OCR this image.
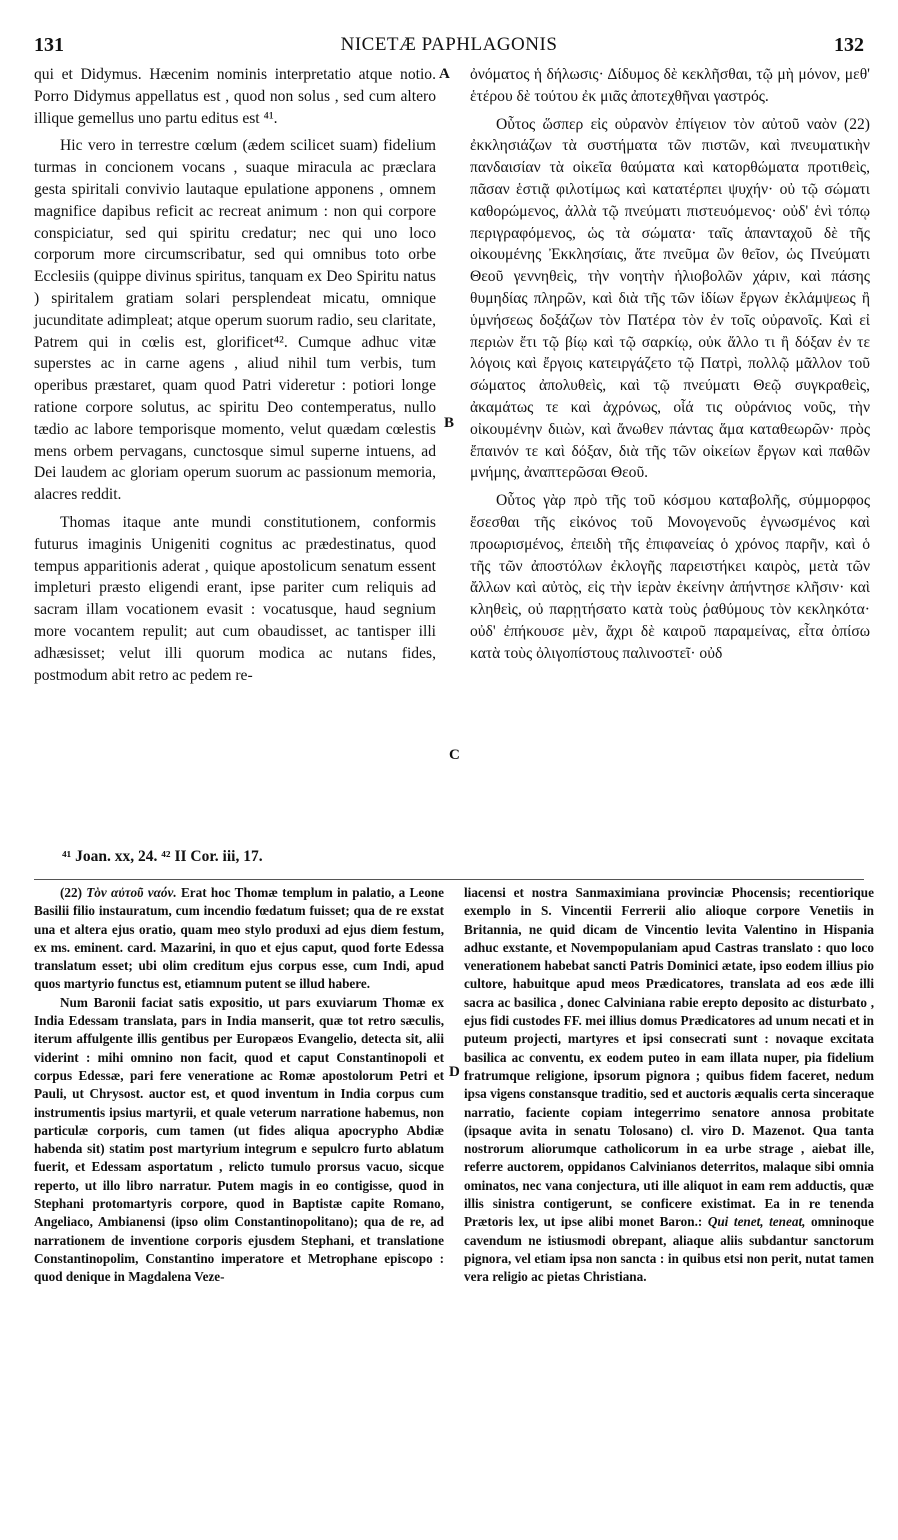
131	NICETÆ PAPHLAGONIS	132

qui et Didymus. Hæcenim nominis interpretatio atque notio. Porro Didymus appellatus est , quod non solus , sed cum altero illique gemellus uno partu editus est ⁴¹.

Hic vero in terrestre cœlum (ædem scilicet suam) fidelium turmas in concionem vocans , suaque miracula ac præclara gesta spiritali convivio lautaque epulatione apponens , omnem magnifice dapibus reficit ac recreat animum : non qui corpore conspiciatur, sed qui spiritu credatur; nec qui uno loco corporum more circumscribatur, sed qui omnibus toto orbe Ecclesiis (quippe divinus spiritus, tanquam ex Deo Spiritu natus ) spiritalem gratiam solari persplendeat micatu, omnique jucunditate adimpleat; atque operum suorum radio, seu claritate, Patrem qui in cœlis est, glorificet⁴². Cumque adhuc vitæ superstes ac in carne agens , aliud nihil tum verbis, tum operibus præstaret, quam quod Patri videretur : potiori longe ratione corpore solutus, ac spiritu Deo contemperatus, nullo tædio ac labore temporisque momento, velut quædam cœlestis mens orbem pervagans, cunctosque simul superne intuens, ad Dei laudem ac gloriam operum suorum ac passionum memoria, alacres reddit.

Thomas itaque ante mundi constitutionem, conformis futurus imaginis Unigeniti cognitus ac prædestinatus, quod tempus apparitionis aderat , quique apostolicum senatum essent impleturi præsto eligendi erant, ipse pariter cum reliquis ad sacram illam vocationem evasit : vocatusque, haud segnium more vocantem repulit; aut cum obaudisset, ac tantisper illi adhæsisset; velut illi quorum modica ac nutans fides, postmodum abit retro ac pedem re-

A
B
C
D

ὀνόματος ἡ δήλωσις· Δίδυμος δὲ κεκλῆσθαι, τῷ μὴ μόνον, μεθ' ἑτέρου δὲ τούτου ἐκ μιᾶς ἀποτεχθῆναι γαστρός.

Οὗτος ὥσπερ εἰς οὐρανὸν ἐπίγειον τὸν αὐτοῦ ναὸν (22) ἐκκλησιάζων τὰ συστήματα τῶν πιστῶν, καὶ πνευματικὴν πανδαισίαν τὰ οἰκεῖα θαύματα καὶ κατορθώματα προτιθεὶς, πᾶσαν ἑστιᾷ φιλοτίμως καὶ κατατέρπει ψυχήν· οὐ τῷ σώματι καθορώμενος, ἀλλὰ τῷ πνεύματι πιστευόμενος· οὐδ' ἑνὶ τόπῳ περιγραφόμενος, ὡς τὰ σώματα· ταῖς ἁπανταχοῦ δὲ τῆς οἰκουμένης Ἐκκλησίαις, ἅτε πνεῦμα ὢν θεῖον, ὡς Πνεύματι Θεοῦ γεννηθεὶς, τὴν νοητὴν ἡλιοβολῶν χάριν, καὶ πάσης θυμηδίας πληρῶν, καὶ διὰ τῆς τῶν ἰδίων ἔργων ἐκλάμψεως ἢ ὑμνήσεως δοξάζων τὸν Πατέρα τὸν ἐν τοῖς οὐρανοῖς. Καὶ εἰ περιὼν ἔτι τῷ βίῳ καὶ τῷ σαρκίῳ, οὐκ ἄλλο τι ἢ δόξαν ἐν τε λόγοις καὶ ἔργοις κατειργάζετο τῷ Πατρὶ, πολλῷ μᾶλλον τοῦ σώματος ἀπολυθεὶς, καὶ τῷ πνεύματι Θεῷ συγκραθεὶς, ἀκαμάτως τε καὶ ἀχρόνως, οἷά τις οὐράνιος νοῦς, τὴν οἰκουμένην διιὼν, καὶ ἄνωθεν πάντας ἅμα καταθεωρῶν· πρὸς ἔπαινόν τε καὶ δόξαν, διὰ τῆς τῶν οἰκείων ἔργων καὶ παθῶν μνήμης, ἀναπτερῶσαι Θεοῦ.

Οὗτος γὰρ πρὸ τῆς τοῦ κόσμου καταβολῆς, σύμμορφος ἔσεσθαι τῆς εἰκόνος τοῦ Μονογενοῦς ἐγνωσμένος καὶ προωρισμένος, ἐπειδὴ τῆς ἐπιφανείας ὁ χρόνος παρῆν, καὶ ὁ τῆς τῶν ἀποστόλων ἐκλογῆς παρειστήκει καιρὸς, μετὰ τῶν ἄλλων καὶ αὐτὸς, εἰς τὴν ἱερὰν ἐκείνην ἀπήντησε κλῆσιν· καὶ κληθεὶς, οὐ παρῃτήσατο κατὰ τοὺς ῥαθύμους τὸν κεκληκότα· οὐδ' ἐπήκουσε μὲν, ἄχρι δὲ καιροῦ παραμείνας, εἶτα ὀπίσω κατὰ τοὺς ὀλιγοπίστους παλινοστεῖ· οὐδ

⁴¹ Joan. xx, 24. ⁴² II Cor. iii, 17.

(22) Τὸν αὐτοῦ ναόν. Erat hoc Thomæ templum in palatio, a Leone Basilii filio instauratum, cum incendio fœdatum fuisset; qua de re exstat una et altera ejus oratio, quam meo stylo produxi ad ejus diem festum, ex ms. eminent. card. Mazarini, in quo et ejus caput, quod forte Edessa translatum esset; ubi olim creditum ejus corpus esse, cum Indi, apud quos martyrio functus est, etiamnum putent se illud habere.

Num Baronii faciat satis expositio, ut pars exuviarum Thomæ ex India Edessam translata, pars in India manserit, quæ tot retro sæculis, iterum affulgente illis gentibus per Europæos Evangelio, detecta sit, alii viderint : mihi omnino non facit, quod et caput Constantinopoli et corpus Edessæ, pari fere veneratione ac Romæ apostolorum Petri et Pauli, ut Chrysost. auctor est, et quod inventum in India corpus cum instrumentis ipsius martyrii, et quale veterum narratione habemus, non particulæ corporis, cum tamen (ut fides aliqua apocrypho Abdiæ habenda sit) statim post martyrium integrum e sepulcro furto ablatum fuerit, et Edessam asportatum , relicto tumulo prorsus vacuo, sicque reperto, ut illo libro narratur. Putem magis in eo contigisse, quod in Stephani protomartyris corpore, quod in Baptistæ capite Romano, Angeliaco, Ambianensi (ipso olim Constantinopolitano); qua de re, ad narrationem de inventione corporis ejusdem Stephani, et translatione Constantinopolim, Constantino imperatore et Metrophane episcopo : quod denique in Magdalena Veze-

liacensi et nostra Sanmaximiana provinciæ Phocensis; recentiorique exemplo in S. Vincentii Ferrerii alio alioque corpore Venetiis in Britannia, ne quid dicam de Vincentio levita Valentino in Hispania adhuc exstante, et Novempopulaniam apud Castras translato : quo loco venerationem habebat sancti Patris Dominici ætate, ipso eodem illius pio cultore, habuitque apud meos Prædicatores, translata ad eos æde illi sacra ac basilica , donec Calviniana rabie erepto deposito ac disturbato , ejus fidi custodes FF. mei illius domus Prædicatores ad unum necati et in puteum projecti, martyres et ipsi consecrati sunt : novaque excitata basilica ac conventu, ex eodem puteo in eam illata nuper, pia fidelium fratrumque religione, ipsorum pignora ; quibus fidem faceret, nedum ipsa vigens constansque traditio, sed et auctoris æqualis certa sinceraque narratio, faciente copiam integerrimo senatore annosa probitate (ipsaque avita in senatu Tolosano) cl. viro D. Mazenot. Qua tanta nostrorum aliorumque catholicorum in ea urbe strage , aiebat ille, referre auctorem, oppidanos Calvinianos deterritos, malaque sibi omnia ominatos, nec vana conjectura, uti ille aliquot in eam rem adductis, quæ illis sinistra contigerunt, se conficere existimat. Ea in re tenenda Prætoris lex, ut ipse alibi monet Baron.: Qui tenet, teneat, omninoque cavendum ne istiusmodi obrepant, aliaque aliis subdantur sanctorum pignora, vel etiam ipsa non sancta : in quibus etsi non perit, nutat tamen vera religio ac pietas Christiana.
